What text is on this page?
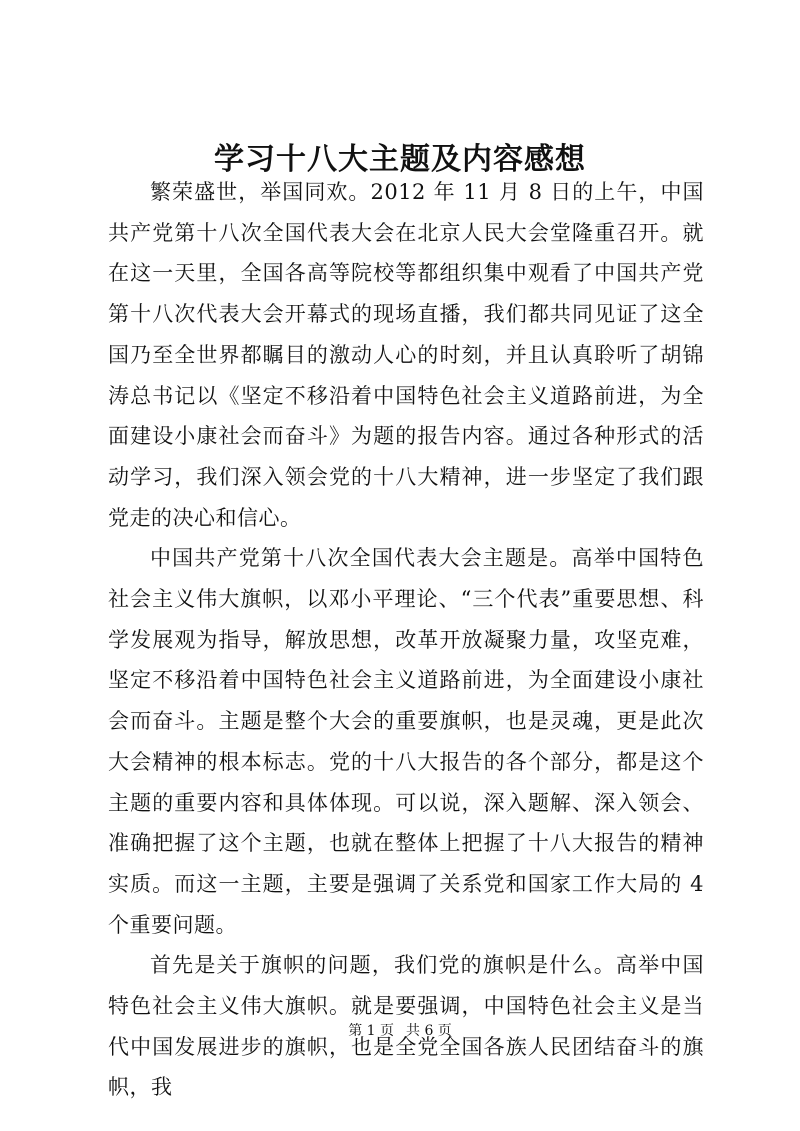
学习十八大主题及内容感想

繁荣盛世，举国同欢。2012 年 11 月 8 日的上午，中国共产党第十八次全国代表大会在北京人民大会堂隆重召开。就在这一天里，全国各高等院校等都组织集中观看了中国共产党第十八次代表大会开幕式的现场直播，我们都共同见证了这全国乃至全世界都瞩目的激动人心的时刻，并且认真聆听了胡锦涛总书记以《坚定不移沿着中国特色社会主义道路前进，为全面建设小康社会而奋斗》为题的报告内容。通过各种形式的活动学习，我们深入领会党的十八大精神，进一步坚定了我们跟党走的决心和信心。

中国共产党第十八次全国代表大会主题是。高举中国特色社会主义伟大旗帜，以邓小平理论、“三个代表”重要思想、科学发展观为指导，解放思想，改革开放凝聚力量，攻坚克难，坚定不移沿着中国特色社会主义道路前进，为全面建设小康社会而奋斗。主题是整个大会的重要旗帜，也是灵魂，更是此次大会精神的根本标志。党的十八大报告的各个部分，都是这个主题的重要内容和具体体现。可以说，深入题解、深入领会、准确把握了这个主题，也就在整体上把握了十八大报告的精神实质。而这一主题，主要是强调了关系党和国家工作大局的 4 个重要问题。

首先是关于旗帜的问题，我们党的旗帜是什么。高举中国特色社会主义伟大旗帜。就是要强调，中国特色社会主义是当代中国发展进步的旗帜，也是全党全国各族人民团结奋斗的旗帜，我

第 1 页 共 6 页
